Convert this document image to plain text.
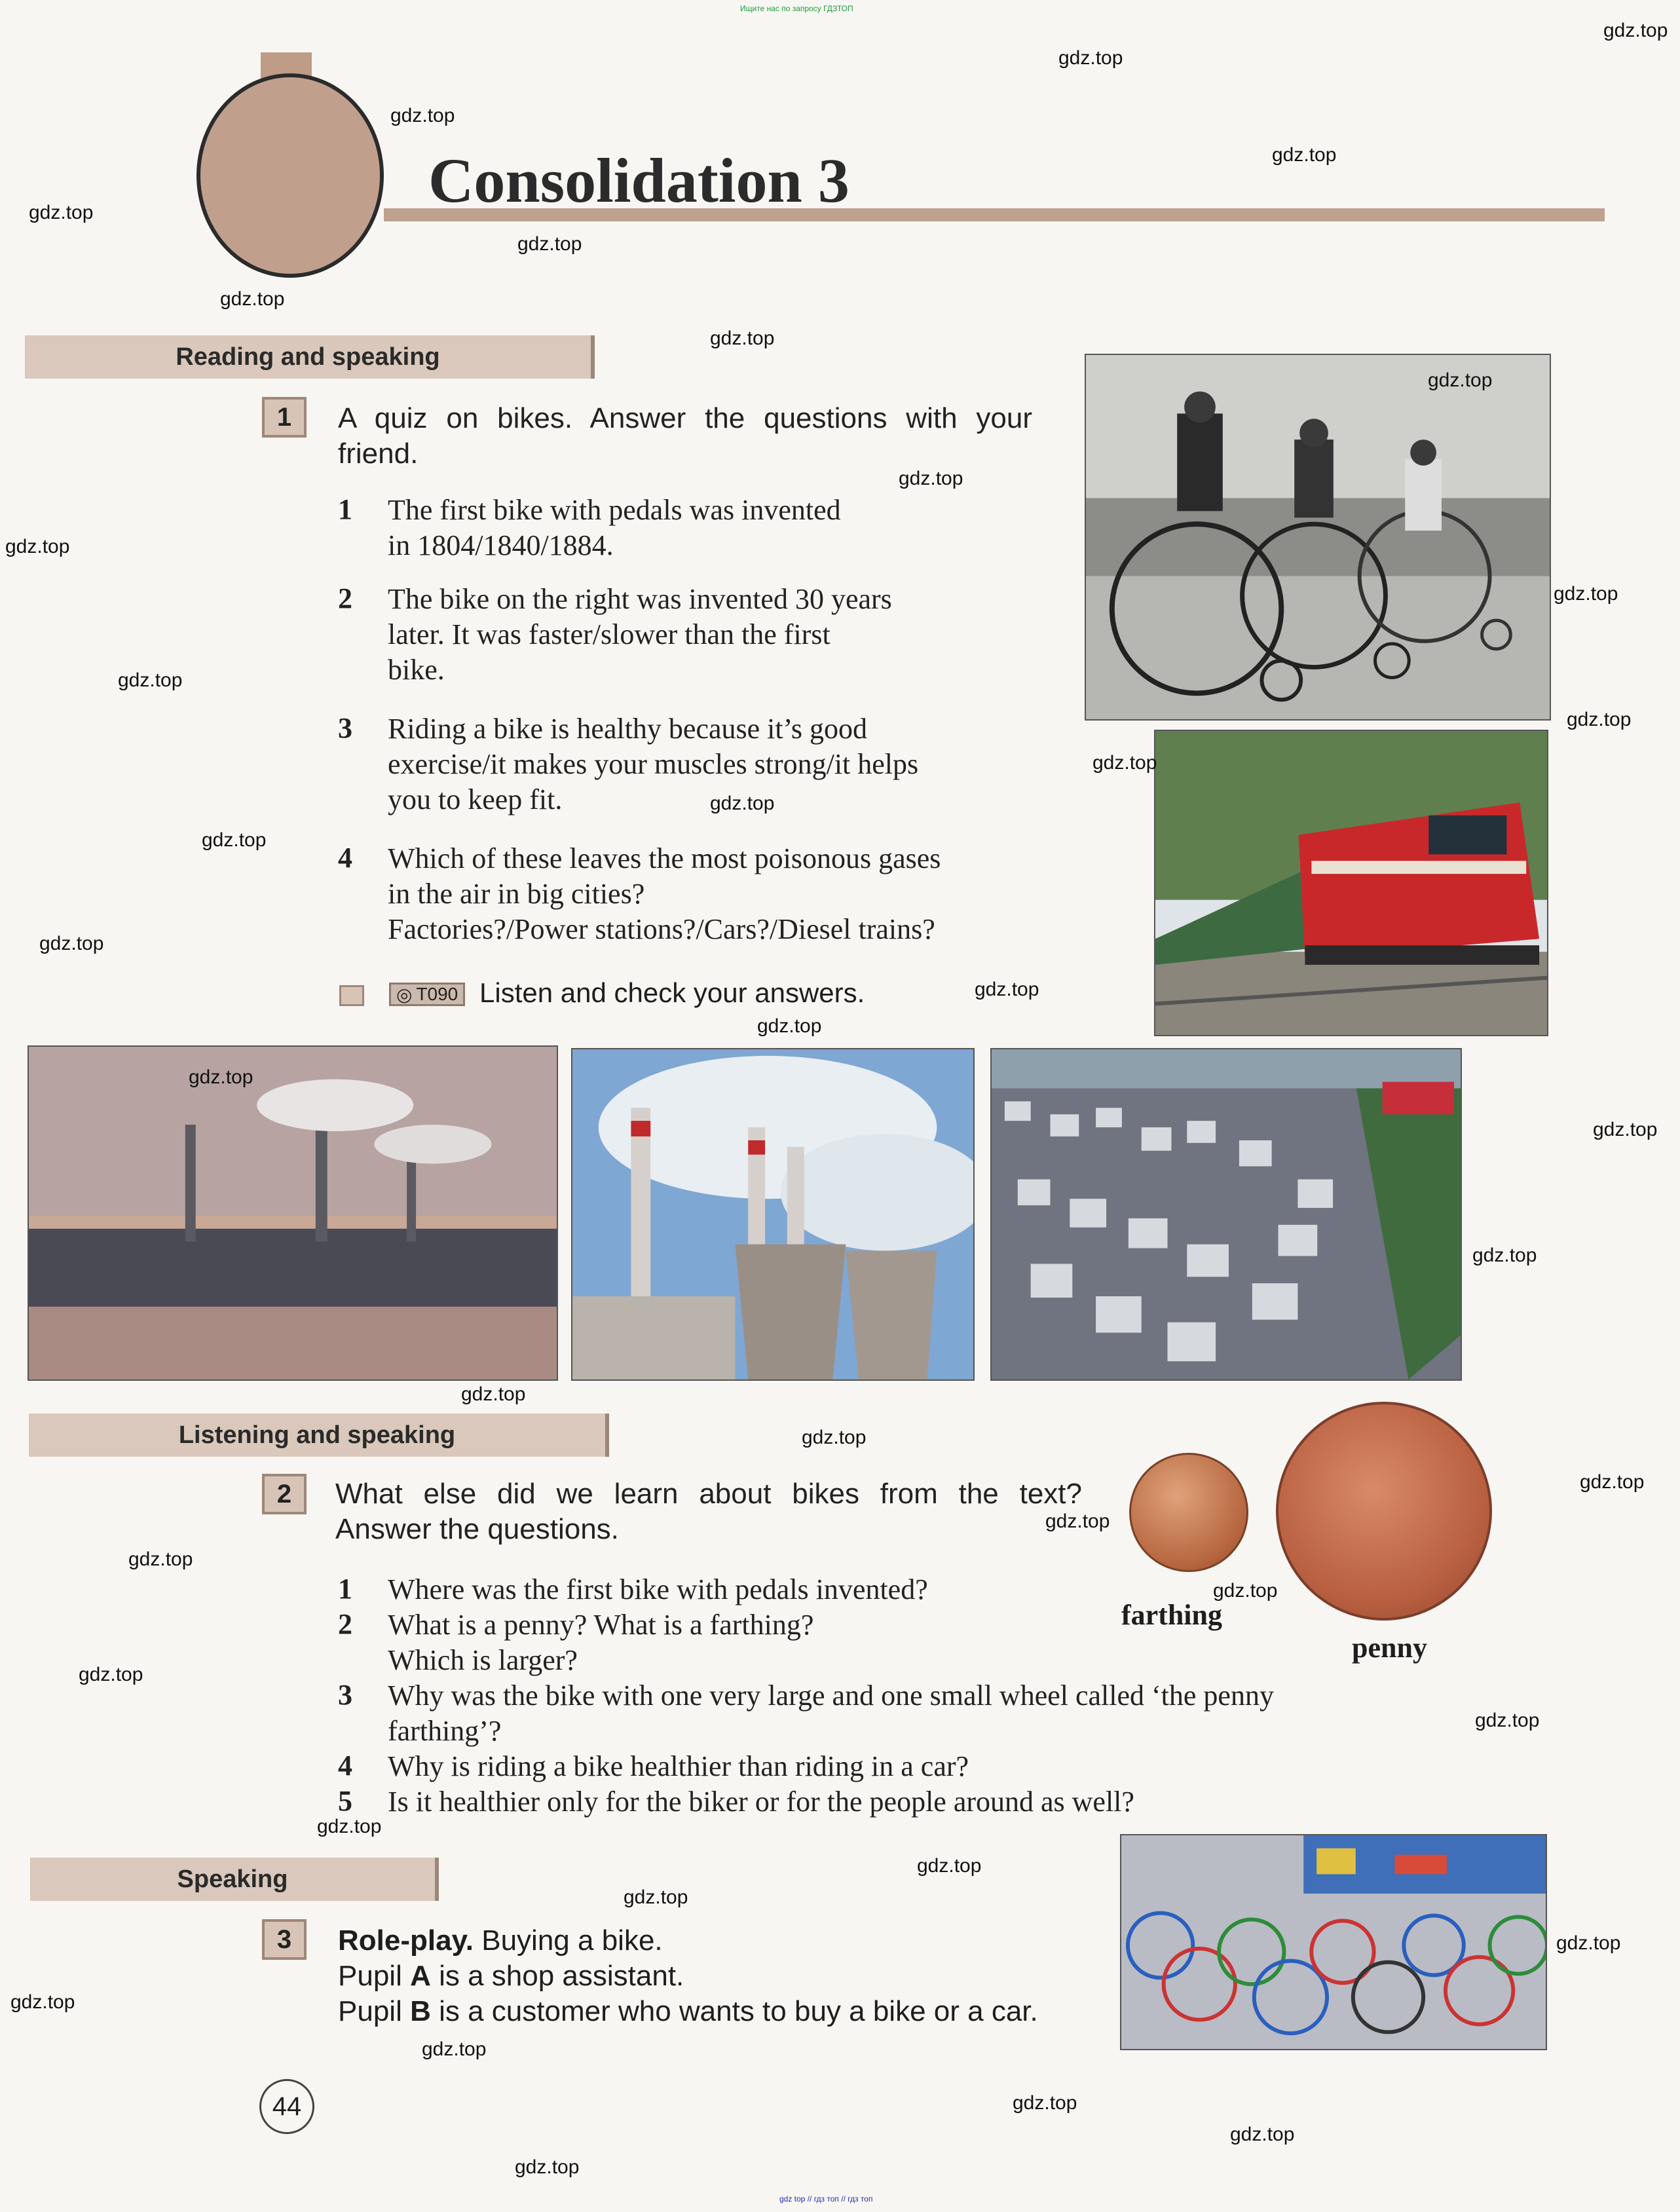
Ищите нас по запросу ГДЗТОП
gdz top // гдз топ // гдз топ
Consolidation 3
Reading and speaking
1	A quiz on bikes. Answer the questions with your friend.
1 The first bike with pedals was invented
in 1804/1840/1884.
2 The bike on the right was invented 30 years
later. It was faster/slower than the first
bike.
3 Riding a bike is healthy because it’s good
exercise/it makes your muscles strong/it helps
you to keep fit.
4 Which of these leaves the most poisonous gases
in the air in big cities?
Factories?/Power stations?/Cars?/Diesel trains?
◎ T090 Listen and check your answers.
Listening and speaking
2	What else did we learn about bikes from the text?
Answer the questions.
1 Where was the first bike with pedals invented?
2 What is a penny? What is a farthing?
Which is larger?
3 Why was the bike with one very large and one small wheel called ‘the penny
farthing’?
4 Why is riding a bike healthier than riding in a car?
5 Is it healthier only for the biker or for the people around as well?
farthing
penny
Speaking
3	Role-play. Buying a bike.
Pupil A is a shop assistant.
Pupil B is a customer who wants to buy a bike or a car.
44
gdz.top
gdz.top
gdz.top
gdz.top
gdz.top
gdz.top
gdz.top
gdz.top
gdz.top
gdz.top
gdz.top
gdz.top
gdz.top
gdz.top
gdz.top
gdz.top
gdz.top
gdz.top
gdz.top
gdz.top
gdz.top
gdz.top
gdz.top
gdz.top
gdz.top
gdz.top
gdz.top
gdz.top
gdz.top
gdz.top
gdz.top
gdz.top
gdz.top
gdz.top
gdz.top
gdz.top
gdz.top
gdz.top
gdz.top
gdz.top
